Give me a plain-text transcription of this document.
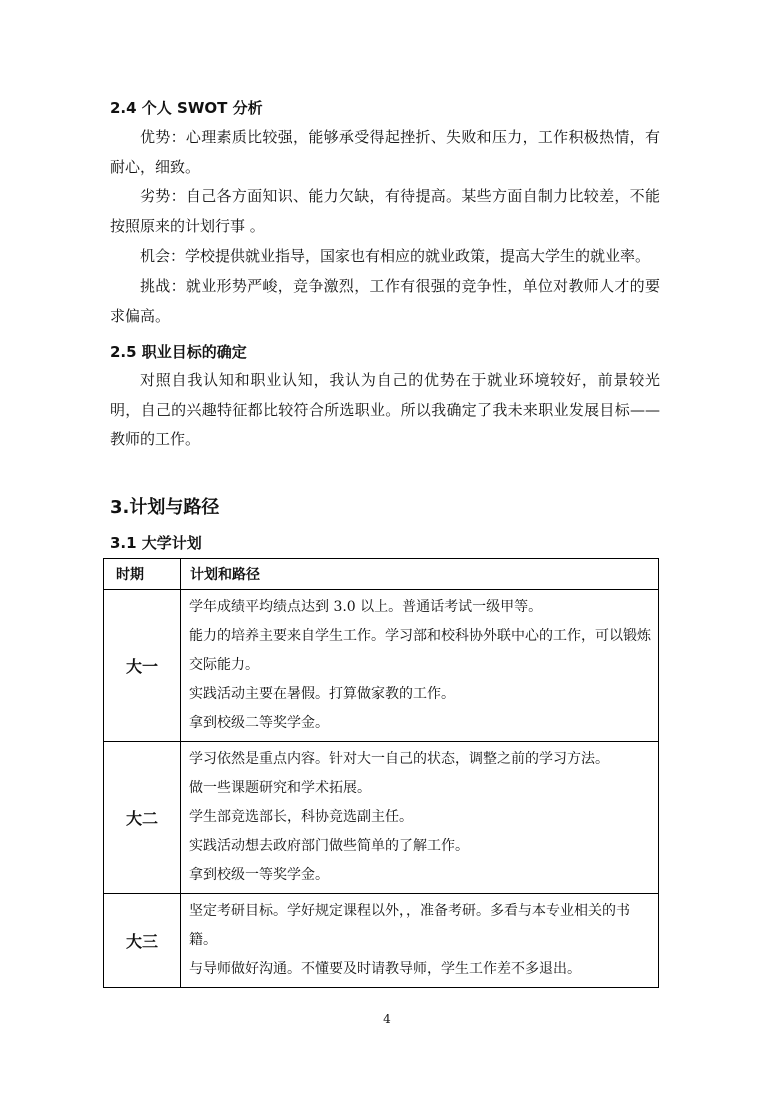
2.4 个人 SWOT 分析

优势：心理素质比较强，能够承受得起挫折、失败和压力，工作积极热情，有耐心，细致。

劣势：自己各方面知识、能力欠缺，有待提高。某些方面自制力比较差，不能按照原来的计划行事 。

机会：学校提供就业指导，国家也有相应的就业政策，提高大学生的就业率。

挑战：就业形势严峻，竞争激烈，工作有很强的竞争性，单位对教师人才的要求偏高。

2.5 职业目标的确定

对照自我认知和职业认知，我认为自己的优势在于就业环境较好，前景较光明，自己的兴趣特征都比较符合所选职业。所以我确定了我未来职业发展目标——教师的工作。

3.计划与路径
3.1 大学计划
时期	计划和路径
大一	学年成绩平均绩点达到 3.0 以上。普通话考试一级甲等。

能力的培养主要来自学生工作。学习部和校科协外联中心的工作，可以锻炼交际能力。

实践活动主要在暑假。打算做家教的工作。

拿到校级二等奖学金。

大二	学习依然是重点内容。针对大一自己的状态，调整之前的学习方法。

做一些课题研究和学术拓展。

学生部竞选部长，科协竞选副主任。

实践活动想去政府部门做些简单的了解工作。

拿到校级一等奖学金。

大三	坚定考研目标。学好规定课程以外，，准备考研。多看与本专业相关的书籍。

与导师做好沟通。不懂要及时请教导师，学生工作差不多退出。

4
